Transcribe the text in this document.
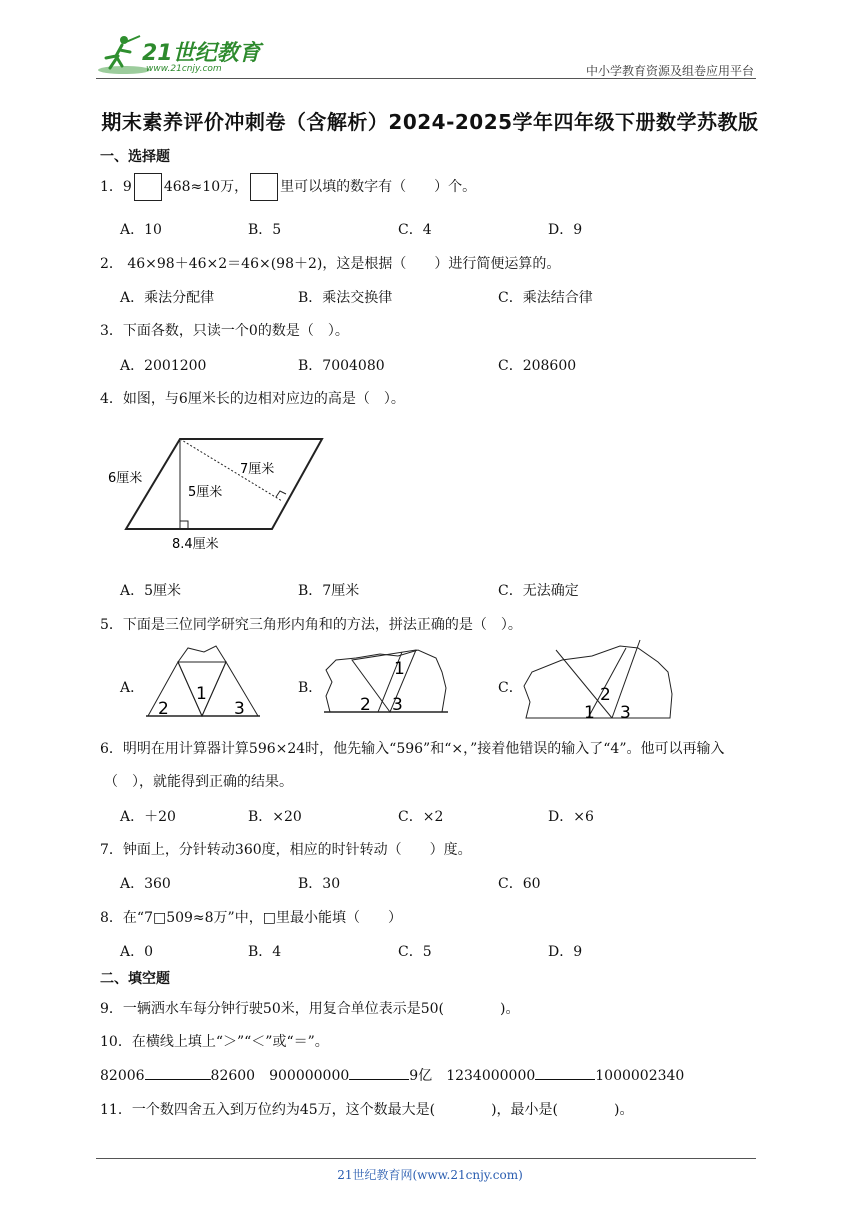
21世纪教育
www.21cnjy.com	中小学教育资源及组卷应用平台
期末素养评价冲刺卷（含解析）2024-2025学年四年级下册数学苏教版
一、选择题
1．9 468≈10万， 里可以填的数字有（　　）个。
A．10	B．5	C．4	D．9
2． 46×98＋46×2＝46×(98＋2)，这是根据（　　）进行简便运算的。
A．乘法分配律	B．乘法交换律	C．乘法结合律
3．下面各数，只读一个0的数是（　）。
A．2001200	B．7004080	C．208600
4．如图，与6厘米长的边相对应边的高是（　）。
6厘米
7厘米
5厘米
8.4厘米
A．5厘米	B．7厘米	C．无法确定
5．下面是三位同学研究三角形内角和的方法，拼法正确的是（　）。
A．	1
2	3
B．
1
2 3
C．	2
1 3
6．明明在用计算器计算596×24时，他先输入“596”和“×，”接着他错误的输入了“4”。他可以再输入
（　），就能得到正确的结果。
A．＋20	B．×20	C．×2	D．×6
7．钟面上，分针转动360度，相应的时针转动（　　）度。
A．360	B．30	C．60
8．在“7□509≈8万”中，□里最小能填（　　）
A．0	B．4	C．5	D．9
二、填空题
9．一辆洒水车每分钟行驶50米，用复合单位表示是50(　　　　)。
10．在横线上填上“＞”“＜”或“＝”。
82006	82600 900000000	9亿 1234000000	1000002340
11．一个数四舍五入到万位约为45万，这个数最大是(　　　　)，最小是(　　　　)。
21世纪教育网(www.21cnjy.com)
